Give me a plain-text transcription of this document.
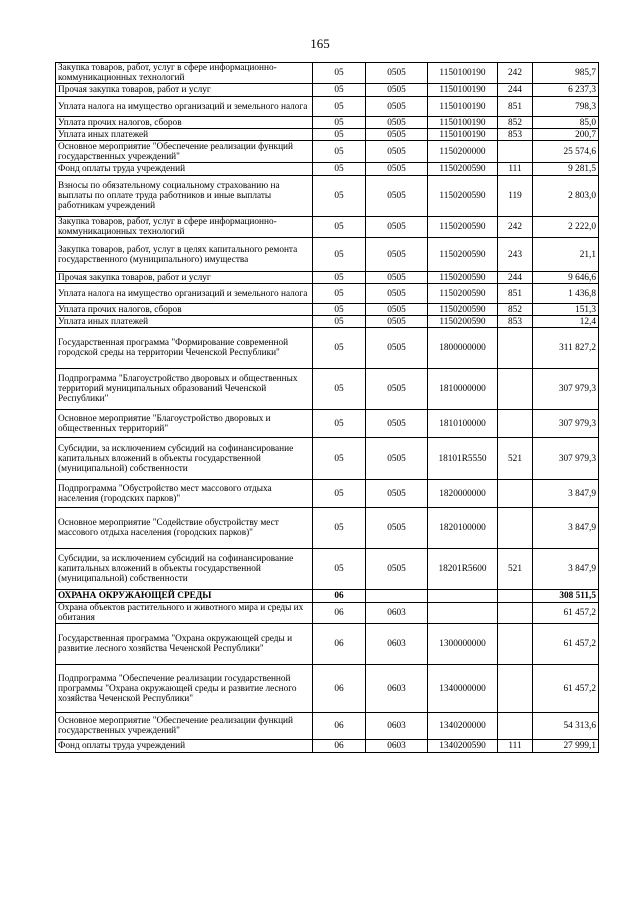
165
Закупка товаров, работ, услуг в сфере информационно-коммуникационных технологий	05	0505	1150100190	242	985,7
Прочая закупка товаров, работ и услуг	05	0505	1150100190	244	6 237,3
Уплата налога на имущество организаций и земельного налога	05	0505	1150100190	851	798,3
Уплата прочих налогов, сборов	05	0505	1150100190	852	85,0
Уплата иных платежей	05	0505	1150100190	853	200,7
Основное мероприятие "Обеспечение реализации функций государственных учреждений"	05	0505	1150200000		25 574,6
Фонд оплаты труда учреждений	05	0505	1150200590	111	9 281,5
Взносы по обязательному социальному страхованию на выплаты по оплате труда работников и иные выплаты работникам учреждений	05	0505	1150200590	119	2 803,0
Закупка товаров, работ, услуг в сфере информационно-коммуникационных технологий	05	0505	1150200590	242	2 222,0
Закупка товаров, работ, услуг в целях капитального ремонта государственного (муниципального) имущества	05	0505	1150200590	243	21,1
Прочая закупка товаров, работ и услуг	05	0505	1150200590	244	9 646,6
Уплата налога на имущество организаций и земельного налога	05	0505	1150200590	851	1 436,8
Уплата прочих налогов, сборов	05	0505	1150200590	852	151,3
Уплата иных платежей	05	0505	1150200590	853	12,4
Государственная программа "Формирование современной городской среды на территории Чеченской Республики"	05	0505	1800000000		311 827,2
Подпрограмма "Благоустройство дворовых и общественных территорий муниципальных образований Чеченской Республики"	05	0505	1810000000		307 979,3
Основное мероприятие "Благоустройство дворовых и общественных территорий"	05	0505	1810100000		307 979,3
Субсидии, за исключением субсидий на софинансирование капитальных вложений в объекты государственной (муниципальной) собственности	05	0505	18101R5550	521	307 979,3
Подпрограмма "Обустройство мест массового отдыха населения (городских парков)"	05	0505	1820000000		3 847,9
Основное мероприятие "Содействие обустройству мест массового отдыха населения (городских парков)"	05	0505	1820100000		3 847,9
Субсидии, за исключением субсидий на софинансирование капитальных вложений в объекты государственной (муниципальной) собственности	05	0505	18201R5600	521	3 847,9
ОХРАНА ОКРУЖАЮЩЕЙ СРЕДЫ	06				308 511,5
Охрана объектов растительного и животного мира и среды их обитания	06	0603			61 457,2
Государственная программа "Охрана окружающей среды и развитие лесного хозяйства Чеченской Республики"	06	0603	1300000000		61 457,2
Подпрограмма "Обеспечение реализации государственной программы "Охрана окружающей среды и развитие лесного хозяйства Чеченской Республики"	06	0603	1340000000		61 457,2
Основное мероприятие "Обеспечение реализации функций государственных учреждений"	06	0603	1340200000		54 313,6
Фонд оплаты труда учреждений	06	0603	1340200590	111	27 999,1
